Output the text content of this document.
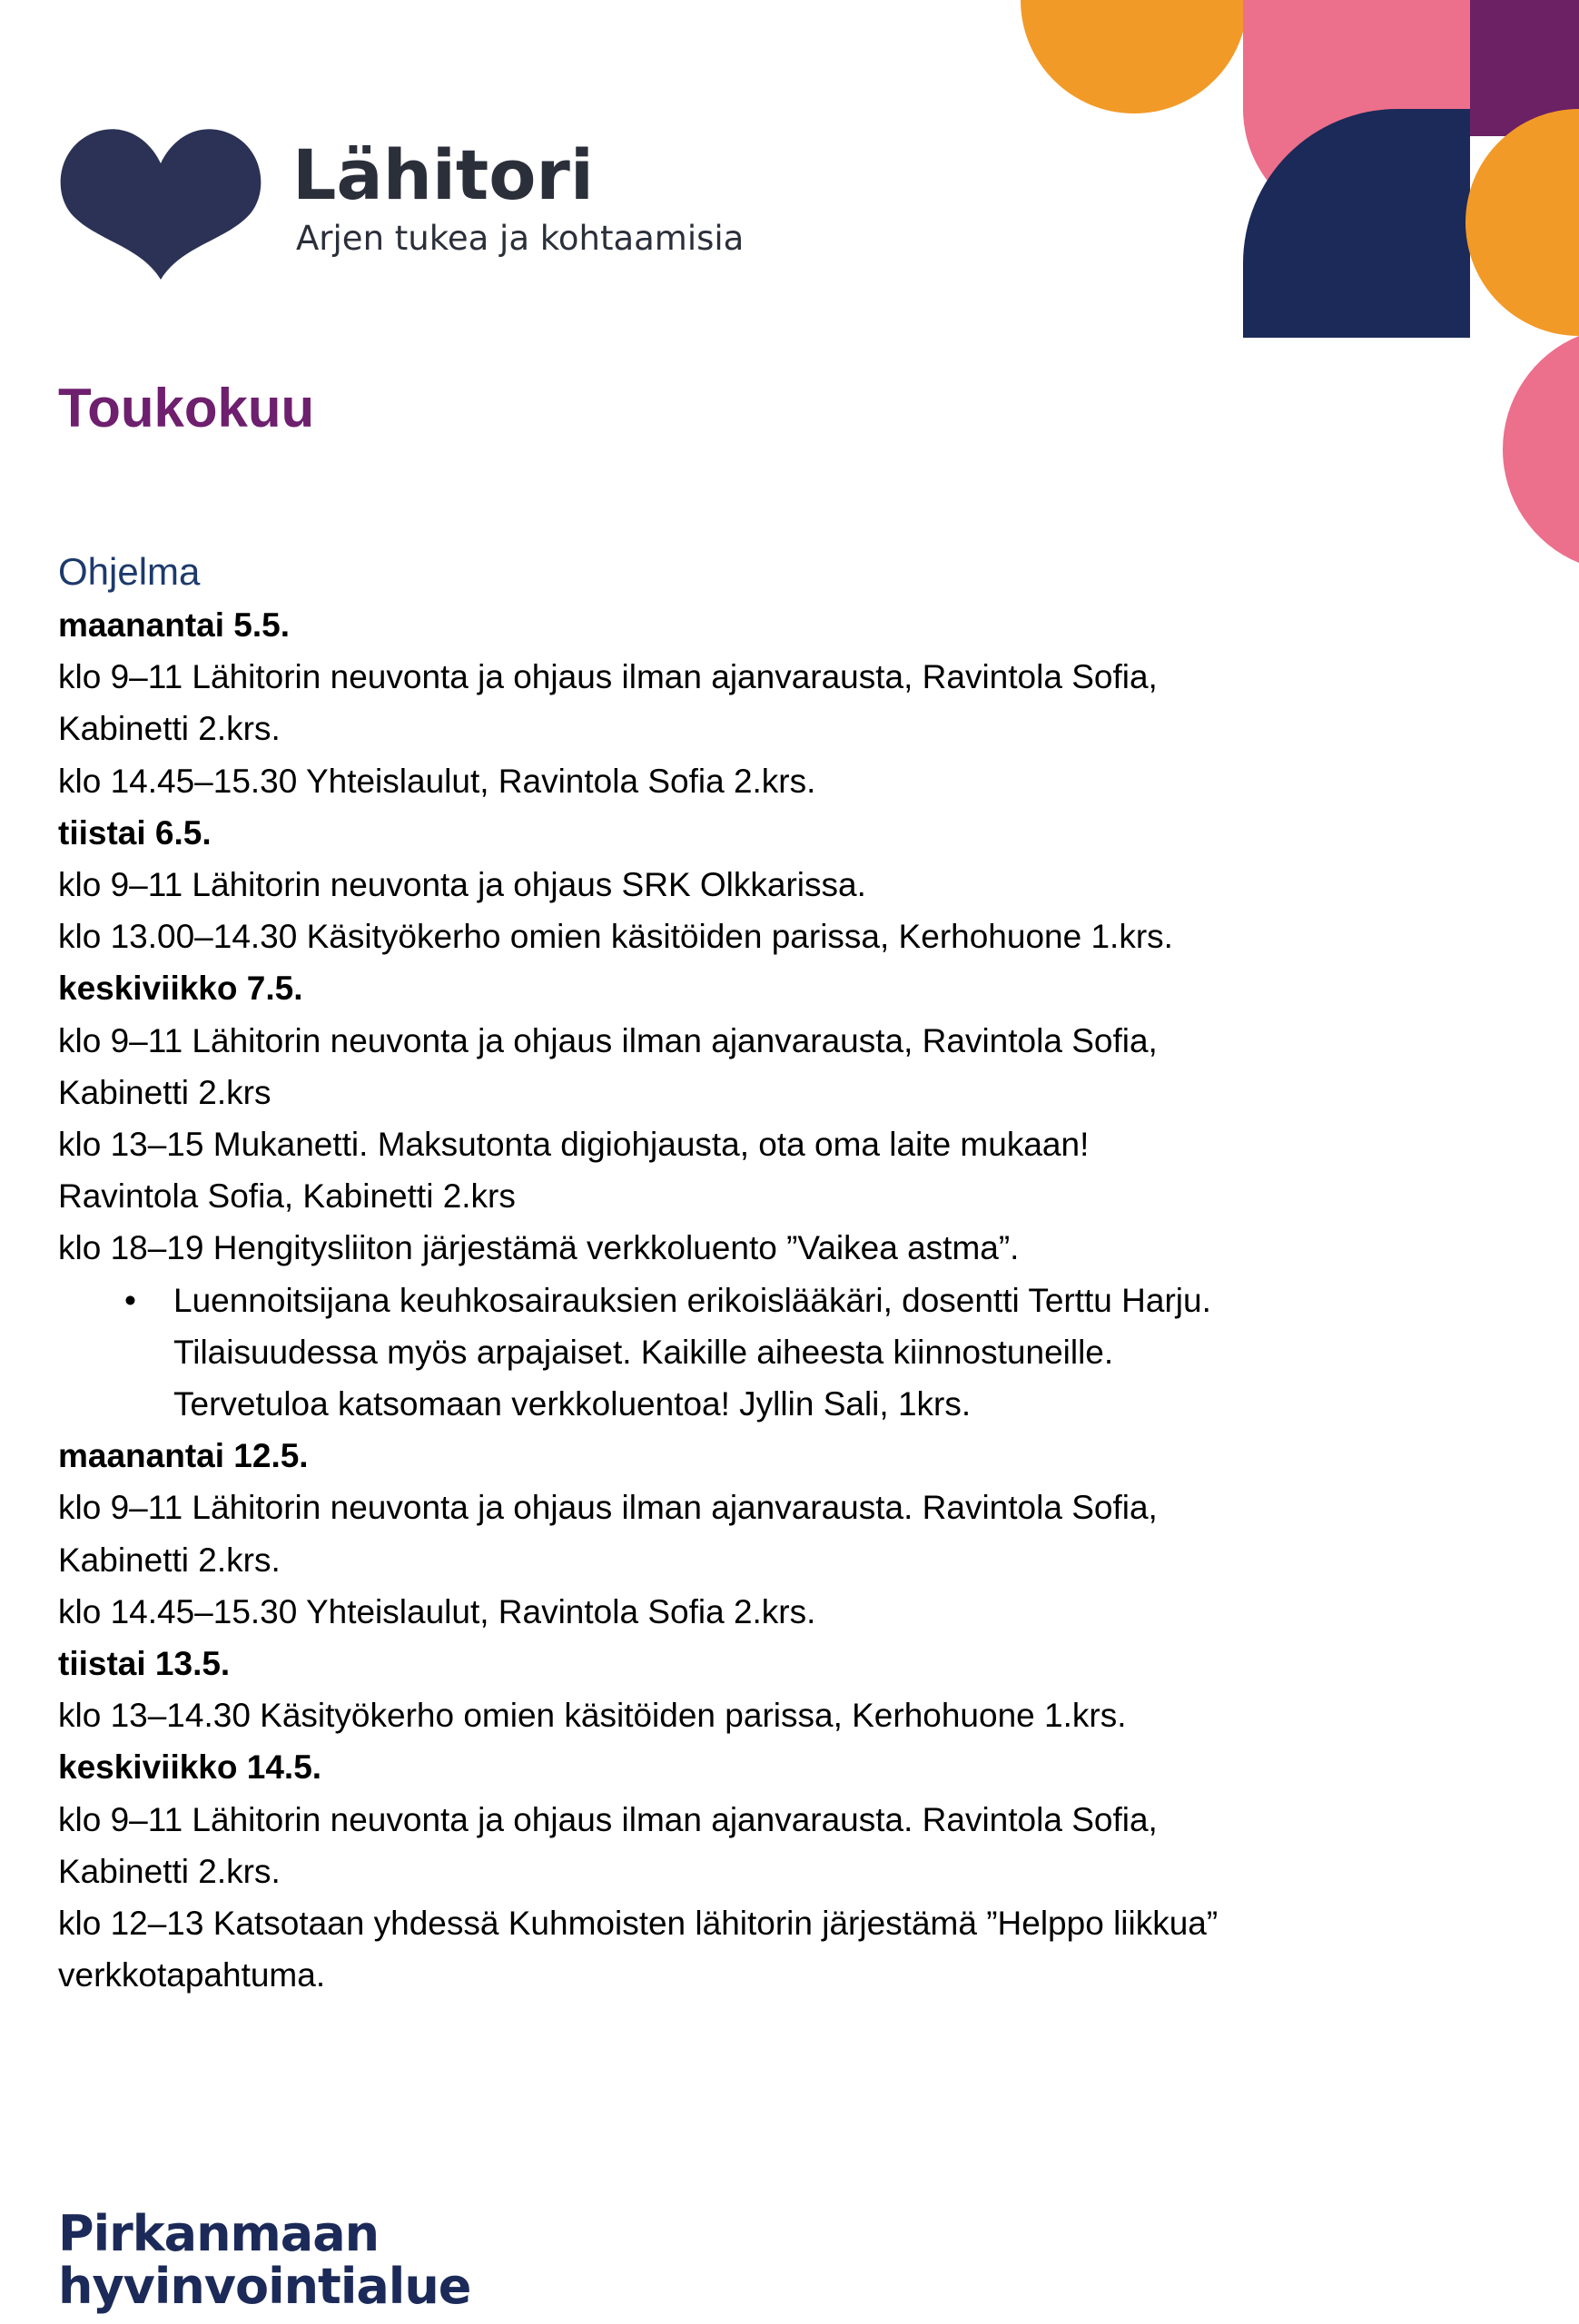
Lähitori
Arjen tukea ja kohtaamisia
Toukokuu
Ohjelma

maanantai 5.5.

klo 9–11 Lähitorin neuvonta ja ohjaus ilman ajanvarausta, Ravintola Sofia,

Kabinetti 2.krs.

klo 14.45–15.30 Yhteislaulut, Ravintola Sofia 2.krs.

tiistai 6.5.

klo 9–11 Lähitorin neuvonta ja ohjaus SRK Olkkarissa.

klo 13.00–14.30 Käsityökerho omien käsitöiden parissa, Kerhohuone 1.krs.

keskiviikko 7.5.

klo 9–11 Lähitorin neuvonta ja ohjaus ilman ajanvarausta, Ravintola Sofia,

Kabinetti 2.krs

klo 13–15 Mukanetti. Maksutonta digiohjausta, ota oma laite mukaan!

Ravintola Sofia, Kabinetti 2.krs

klo 18–19 Hengitysliiton järjestämä verkkoluento ”Vaikea astma”.

• Luennoitsijana keuhkosairauksien erikoislääkäri, dosentti Terttu Harju.

Tilaisuudessa myös arpajaiset. Kaikille aiheesta kiinnostuneille.

Tervetuloa katsomaan verkkoluentoa! Jyllin Sali, 1krs.

maanantai 12.5.

klo 9–11 Lähitorin neuvonta ja ohjaus ilman ajanvarausta. Ravintola Sofia,

Kabinetti 2.krs.

klo 14.45–15.30 Yhteislaulut, Ravintola Sofia 2.krs.

tiistai 13.5.

klo 13–14.30 Käsityökerho omien käsitöiden parissa, Kerhohuone 1.krs.

keskiviikko 14.5.

klo 9–11 Lähitorin neuvonta ja ohjaus ilman ajanvarausta. Ravintola Sofia,

Kabinetti 2.krs.

klo 12–13 Katsotaan yhdessä Kuhmoisten lähitorin järjestämä ”Helppo liikkua”

verkkotapahtuma.

Pirkanmaan
hyvinvointialue
